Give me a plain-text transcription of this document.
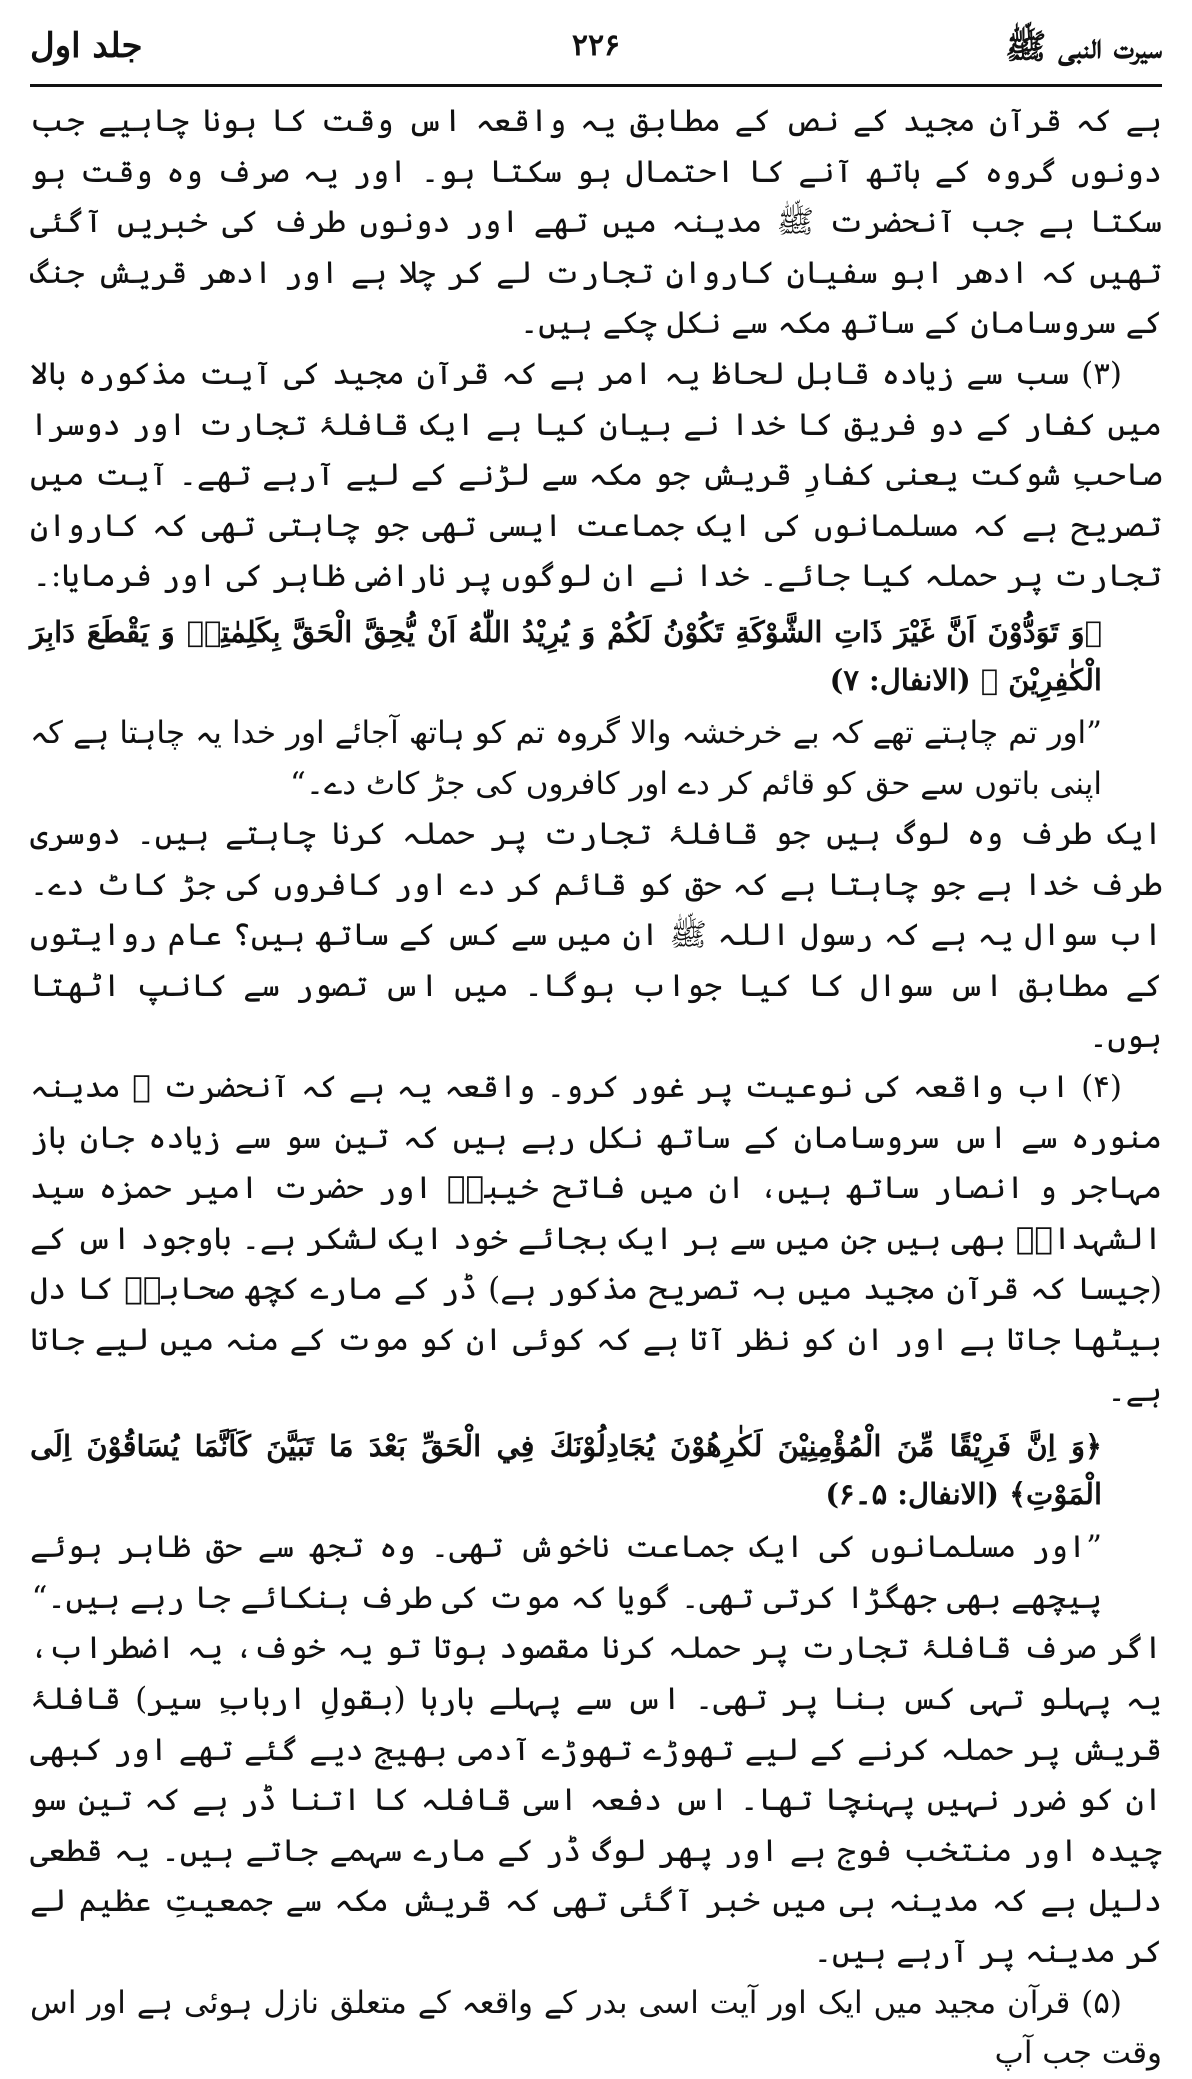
سیرت النبی ﷺ
۲۲۶
جلد اول

ہے کہ قرآن مجید کے نص کے مطابق یہ واقعہ اس وقت کا ہونا چاہیے جب دونوں گروہ کے ہاتھ آنے کا احتمال ہو سکتا ہو۔ اور یہ صرف وہ وقت ہو سکتا ہے جب آنحضرت ﷺ مدینہ میں تھے اور دونوں طرف کی خبریں آگئی تھیں کہ ادھر ابو سفیان کاروانِ تجارت لے کر چلا ہے اور ادھر قریش جنگ کے سروسامان کے ساتھ مکہ سے نکل چکے ہیں۔

(۳) سب سے زیادہ قابل لحاظ یہ امر ہے کہ قرآن مجید کی آیت مذکورہ بالا میں کفار کے دو فریق کا خدا نے بیان کیا ہے ایک قافلۂ تجارت اور دوسرا صاحبِ شوکت یعنی کفارِ قریش جو مکہ سے لڑنے کے لیے آرہے تھے۔ آیت میں تصریح ہے کہ مسلمانوں کی ایک جماعت ایسی تھی جو چاہتی تھی کہ کاروانِ تجارت پر حملہ کیا جائے۔ خدا نے ان لوگوں پر ناراضی ظاہر کی اور فرمایا:۔

﴿وَ تَوَدُّوْنَ اَنَّ غَيْرَ ذَاتِ الشَّوْكَةِ تَكُوْنُ لَكُمْ وَ يُرِيْدُ اللّٰهُ اَنْ يُّحِقَّ الْحَقَّ بِكَلِمٰتِهٖ وَ يَقْطَعَ دَابِرَ الْكٰفِرِيْنَ ﴾ (الانفال: ۷)

”اور تم چاہتے تھے کہ بے خرخشہ والا گروہ تم کو ہاتھ آجائے اور خدا یہ چاہتا ہے کہ اپنی باتوں سے حق کو قائم کر دے اور کافروں کی جڑ کاٹ دے۔“

ایک طرف وہ لوگ ہیں جو قافلۂ تجارت پر حملہ کرنا چاہتے ہیں۔ دوسری طرف خدا ہے جو چاہتا ہے کہ حق کو قائم کر دے اور کافروں کی جڑ کاٹ دے۔ اب سوال یہ ہے کہ رسول اللہ ﷺ ان میں سے کس کے ساتھ ہیں؟ عام روایتوں کے مطابق اس سوال کا کیا جواب ہوگا۔ میں اس تصور سے کانپ اٹھتا ہوں۔

(۴) اب واقعہ کی نوعیت پر غور کرو۔ واقعہ یہ ہے کہ آنحضرت ﷺ مدینہ منورہ سے اس سروسامان کے ساتھ نکل رہے ہیں کہ تین سو سے زیادہ جان باز مہاجر و انصار ساتھ ہیں، ان میں فاتح خیبرؓ اور حضرت امیر حمزہ سید الشہداءؓ بھی ہیں جن میں سے ہر ایک بجائے خود ایک لشکر ہے۔ باوجود اس کے (جیسا کہ قرآن مجید میں بہ تصریح مذکور ہے) ڈر کے مارے کچھ صحابہؓ کا دل بیٹھا جاتا ہے اور ان کو نظر آتا ہے کہ کوئی ان کو موت کے منہ میں لیے جاتا ہے۔

﴿وَ اِنَّ فَرِيْقًا مِّنَ الْمُؤْمِنِيْنَ لَكٰرِهُوْنَ يُجَادِلُوْنَكَ فِي الْحَقِّ بَعْدَ مَا تَبَيَّنَ كَاَنَّمَا يُسَاقُوْنَ اِلَى الْمَوْتِ﴾ (الانفال: ۵۔۶)

”اور مسلمانوں کی ایک جماعت ناخوش تھی۔ وہ تجھ سے حق ظاہر ہوئے پیچھے بھی جھگڑا کرتی تھی۔ گویا کہ موت کی طرف ہنکائے جا رہے ہیں۔“

اگر صرف قافلۂ تجارت پر حملہ کرنا مقصود ہوتا تو یہ خوف، یہ اضطراب، یہ پہلو تہی کس بنا پر تھی۔ اس سے پہلے بارہا (بقولِ اربابِ سیر) قافلۂ قریش پر حملہ کرنے کے لیے تھوڑے تھوڑے آدمی بھیج دیے گئے تھے اور کبھی ان کو ضرر نہیں پہنچا تھا۔ اس دفعہ اسی قافلہ کا اتنا ڈر ہے کہ تین سو چیدہ اور منتخب فوج ہے اور پھر لوگ ڈر کے مارے سہمے جاتے ہیں۔ یہ قطعی دلیل ہے کہ مدینہ ہی میں خبر آگئی تھی کہ قریش مکہ سے جمعیتِ عظیم لے کر مدینہ پر آرہے ہیں۔

(۵) قرآن مجید میں ایک اور آیت اسی بدر کے واقعہ کے متعلق نازل ہوئی ہے اور اس وقت جب آپ
